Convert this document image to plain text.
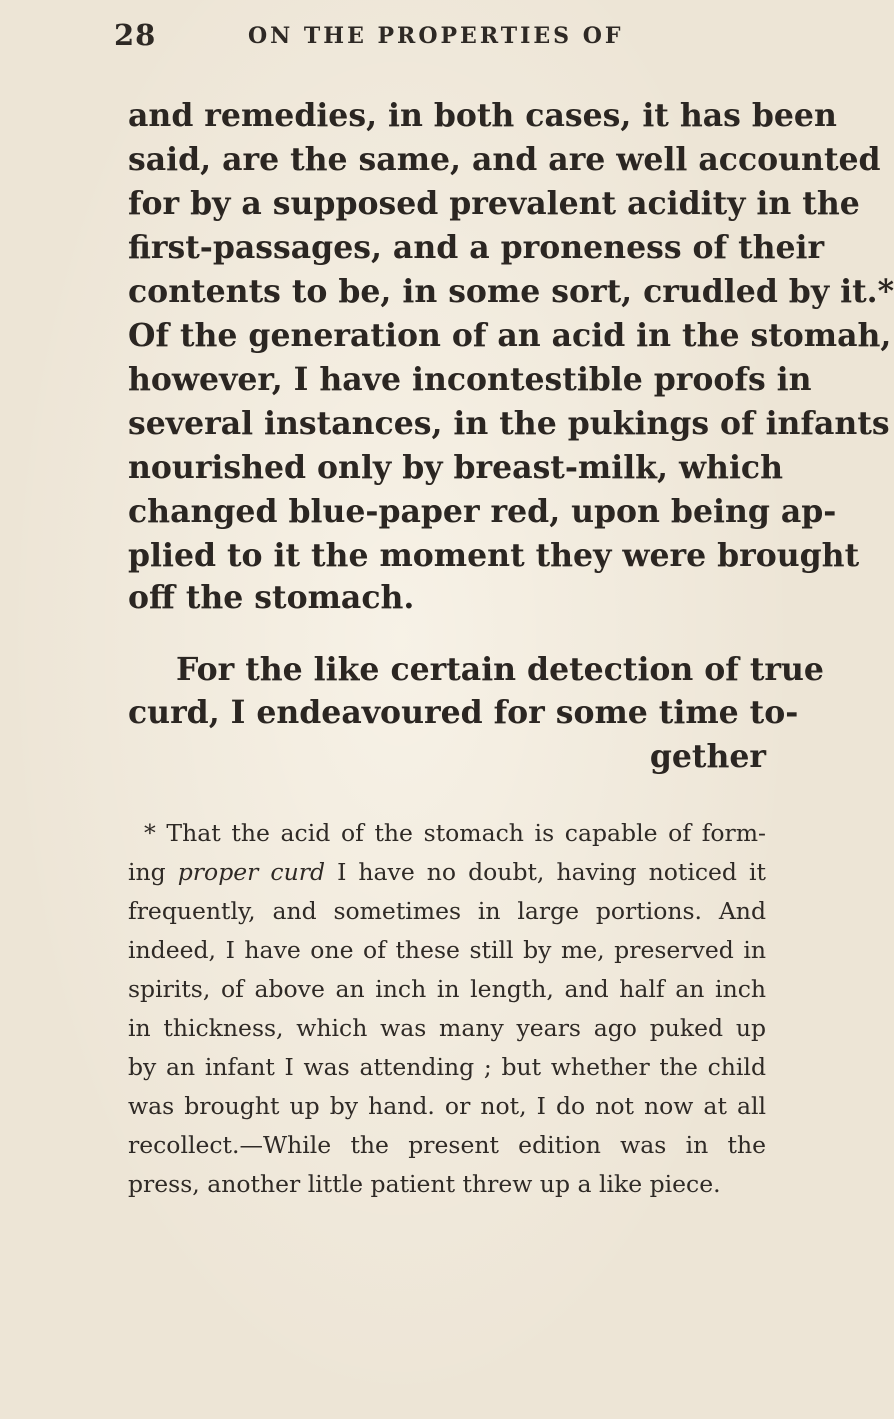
28	ON THE PROPERTIES OF
and remedies, in both cases, it has been
said, are the same, and are well accounted
for by a supposed prevalent acidity in the
first-passages, and a proneness of their
contents to be, in some sort, crudled by it.*
Of the generation of an acid in the stomah,
however, I have incontestible proofs in
several instances, in the pukings of infants
nourished only by breast-milk, which
changed blue-paper red, upon being ap-
plied to it the moment they were brought
off the stomach.
For the like certain detection of true
curd, I endeavoured for some time to-
gether
* That the acid of the stomach is capable of form-
ing proper curd I have no doubt, having noticed it
frequently, and sometimes in large portions. And
indeed, I have one of these still by me, preserved in
spirits, of above an inch in length, and half an inch
in thickness, which was many years ago puked up
by an infant I was attending ; but whether the child
was brought up by hand. or not, I do not now at all
recollect.—While the present edition was in the
press, another little patient threw up a like piece.
